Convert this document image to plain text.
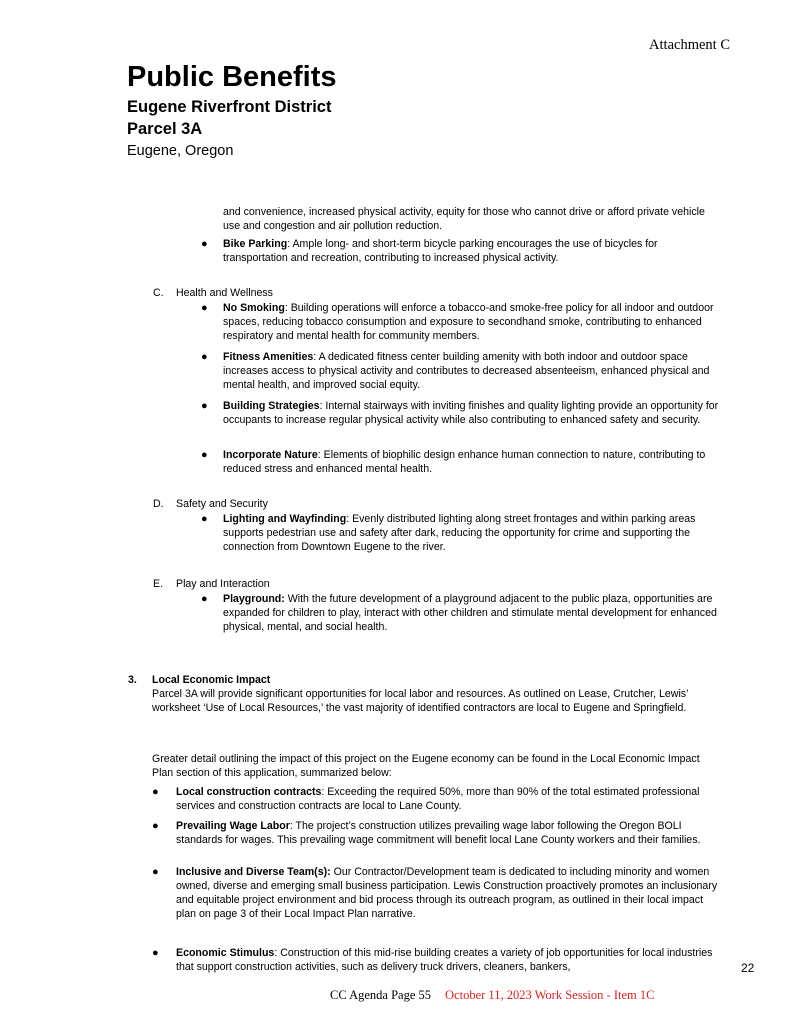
Attachment C
Public Benefits
Eugene Riverfront District
Parcel 3A
Eugene, Oregon

and convenience, increased physical activity, equity for those who cannot drive or afford private vehicle use and congestion and air pollution reduction.

● Bike Parking: Ample long- and short-term bicycle parking encourages the use of bicycles for transportation and recreation, contributing to increased physical activity.

C. Health and Wellness
● No Smoking: Building operations will enforce a tobacco-and smoke-free policy for all indoor and outdoor spaces, reducing tobacco consumption and exposure to secondhand smoke, contributing to enhanced respiratory and mental health for community members.

● Fitness Amenities: A dedicated fitness center building amenity with both indoor and outdoor space increases access to physical activity and contributes to decreased absenteeism, enhanced physical and mental health, and improved social equity.

● Building Strategies: Internal stairways with inviting finishes and quality lighting provide an opportunity for occupants to increase regular physical activity while also contributing to enhanced safety and security.

● Incorporate Nature: Elements of biophilic design enhance human connection to nature, contributing to reduced stress and enhanced mental health.

D. Safety and Security
● Lighting and Wayfinding: Evenly distributed lighting along street frontages and within parking areas supports pedestrian use and safety after dark, reducing the opportunity for crime and supporting the connection from Downtown Eugene to the river.

E. Play and Interaction
● Playground: With the future development of a playground adjacent to the public plaza, opportunities are expanded for children to play, interact with other children and stimulate mental development for enhanced physical, mental, and social health.

3. Local Economic Impact

Parcel 3A will provide significant opportunities for local labor and resources. As outlined on Lease, Crutcher, Lewis’ worksheet ‘Use of Local Resources,’ the vast majority of identified contractors are local to Eugene and Springfield.

Greater detail outlining the impact of this project on the Eugene economy can be found in the Local Economic Impact Plan section of this application, summarized below:

● Local construction contracts: Exceeding the required 50%, more than 90% of the total estimated professional services and construction contracts are local to Lane County.

● Prevailing Wage Labor: The project’s construction utilizes prevailing wage labor following the Oregon BOLI standards for wages. This prevailing wage commitment will benefit local Lane County workers and their families.

● Inclusive and Diverse Team(s): Our Contractor/Development team is dedicated to including minority and women owned, diverse and emerging small business participation. Lewis Construction proactively promotes an inclusionary and equitable project environment and bid process through its outreach program, as outlined in their local impact plan on page 3 of their Local Impact Plan narrative.

● Economic Stimulus: Construction of this mid-rise building creates a variety of job opportunities for local industries that support construction activities, such as delivery truck drivers, cleaners, bankers,	22
CC Agenda Page 55 October 11, 2023 Work Session - Item 1C
